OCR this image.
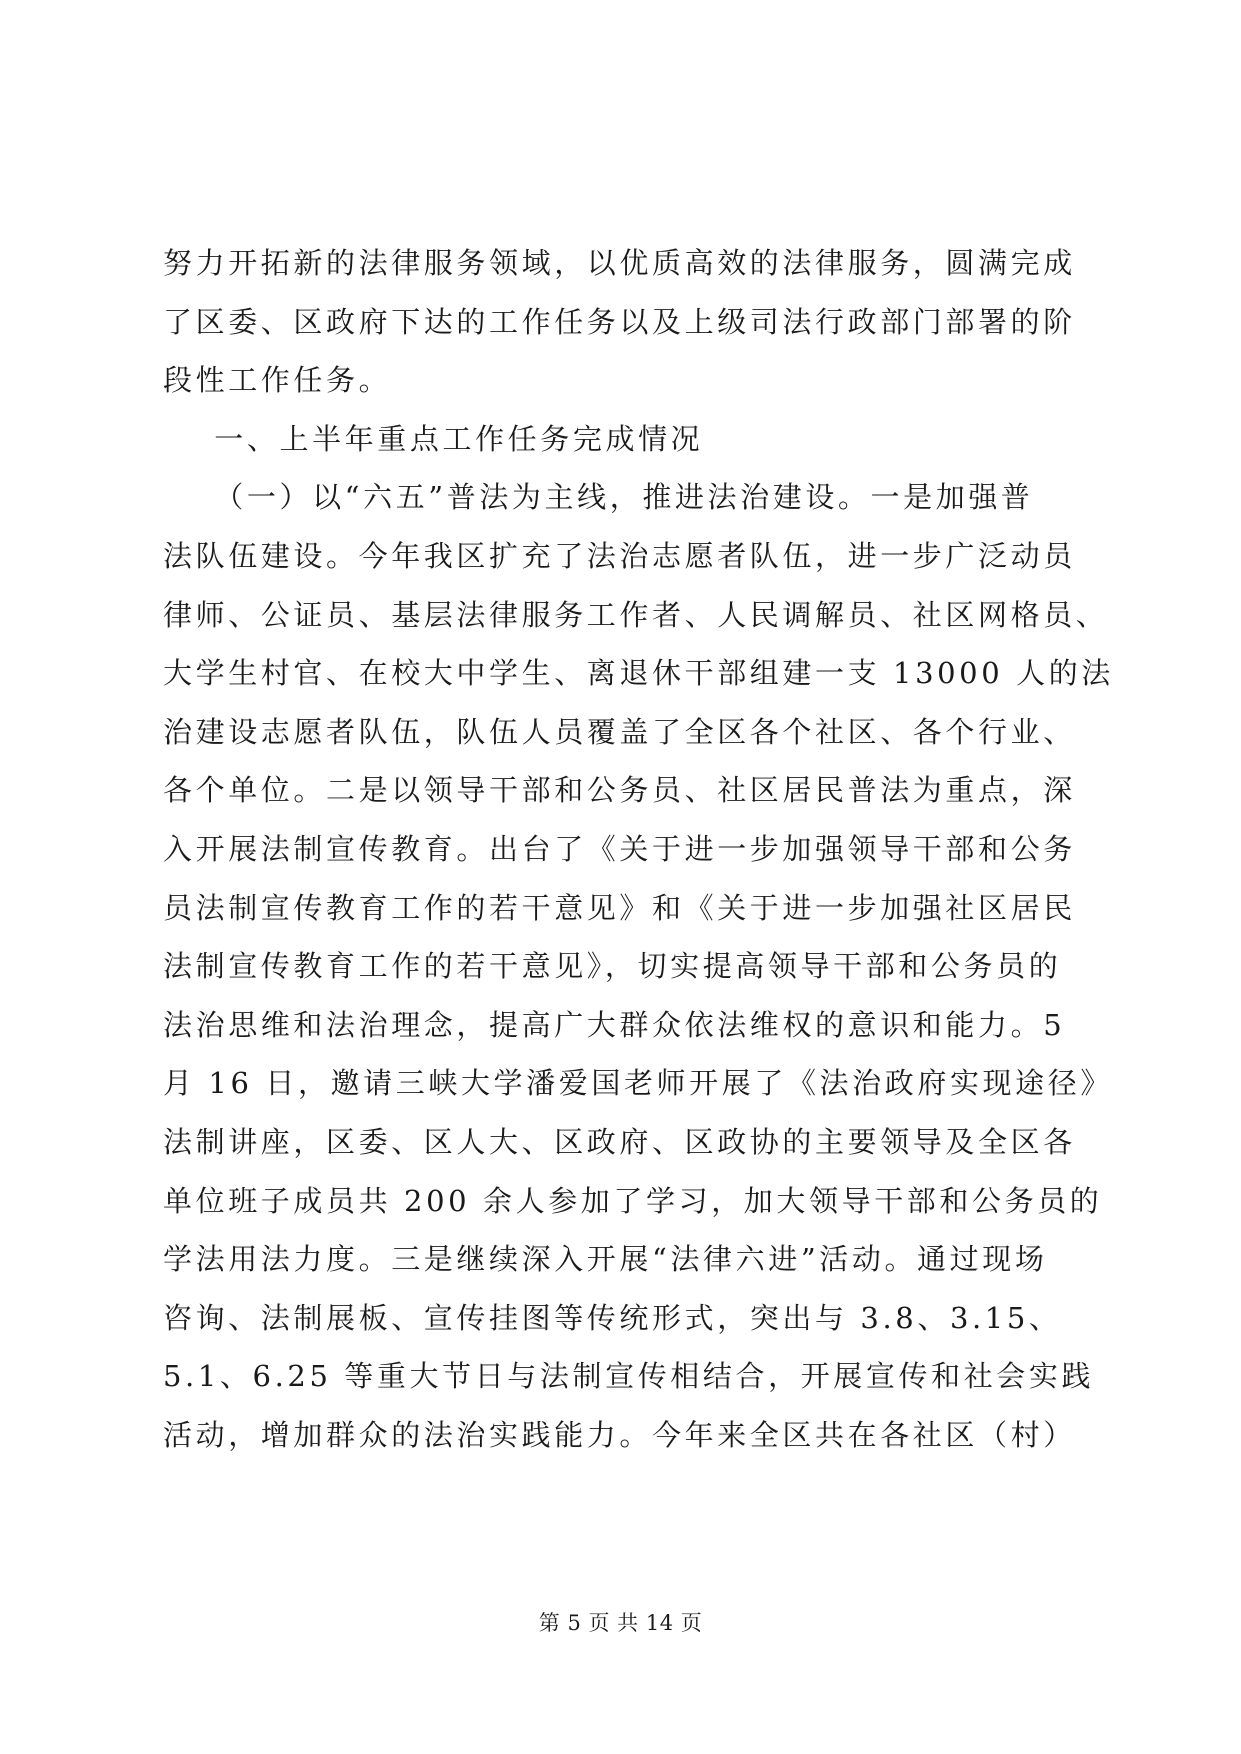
努力开拓新的法律服务领域，以优质高效的法律服务，圆满完成
了区委、区政府下达的工作任务以及上级司法行政部门部署的阶
段性工作任务。
一、上半年重点工作任务完成情况
（一）以“六五”普法为主线，推进法治建设。一是加强普
法队伍建设。今年我区扩充了法治志愿者队伍，进一步广泛动员
律师、公证员、基层法律服务工作者、人民调解员、社区网格员、
大学生村官、在校大中学生、离退休干部组建一支 13000 人的法
治建设志愿者队伍，队伍人员覆盖了全区各个社区、各个行业、
各个单位。二是以领导干部和公务员、社区居民普法为重点，深
入开展法制宣传教育。出台了《关于进一步加强领导干部和公务
员法制宣传教育工作的若干意见》和《关于进一步加强社区居民
法制宣传教育工作的若干意见》，切实提高领导干部和公务员的
法治思维和法治理念，提高广大群众依法维权的意识和能力。5
月 16 日，邀请三峡大学潘爱国老师开展了《法治政府实现途径》
法制讲座，区委、区人大、区政府、区政协的主要领导及全区各
单位班子成员共 200 余人参加了学习，加大领导干部和公务员的
学法用法力度。三是继续深入开展“法律六进”活动。通过现场
咨询、法制展板、宣传挂图等传统形式，突出与 3.8、3.15、
5.1、6.25 等重大节日与法制宣传相结合，开展宣传和社会实践
活动，增加群众的法治实践能力。今年来全区共在各社区（村）
第 5 页 共 14 页
